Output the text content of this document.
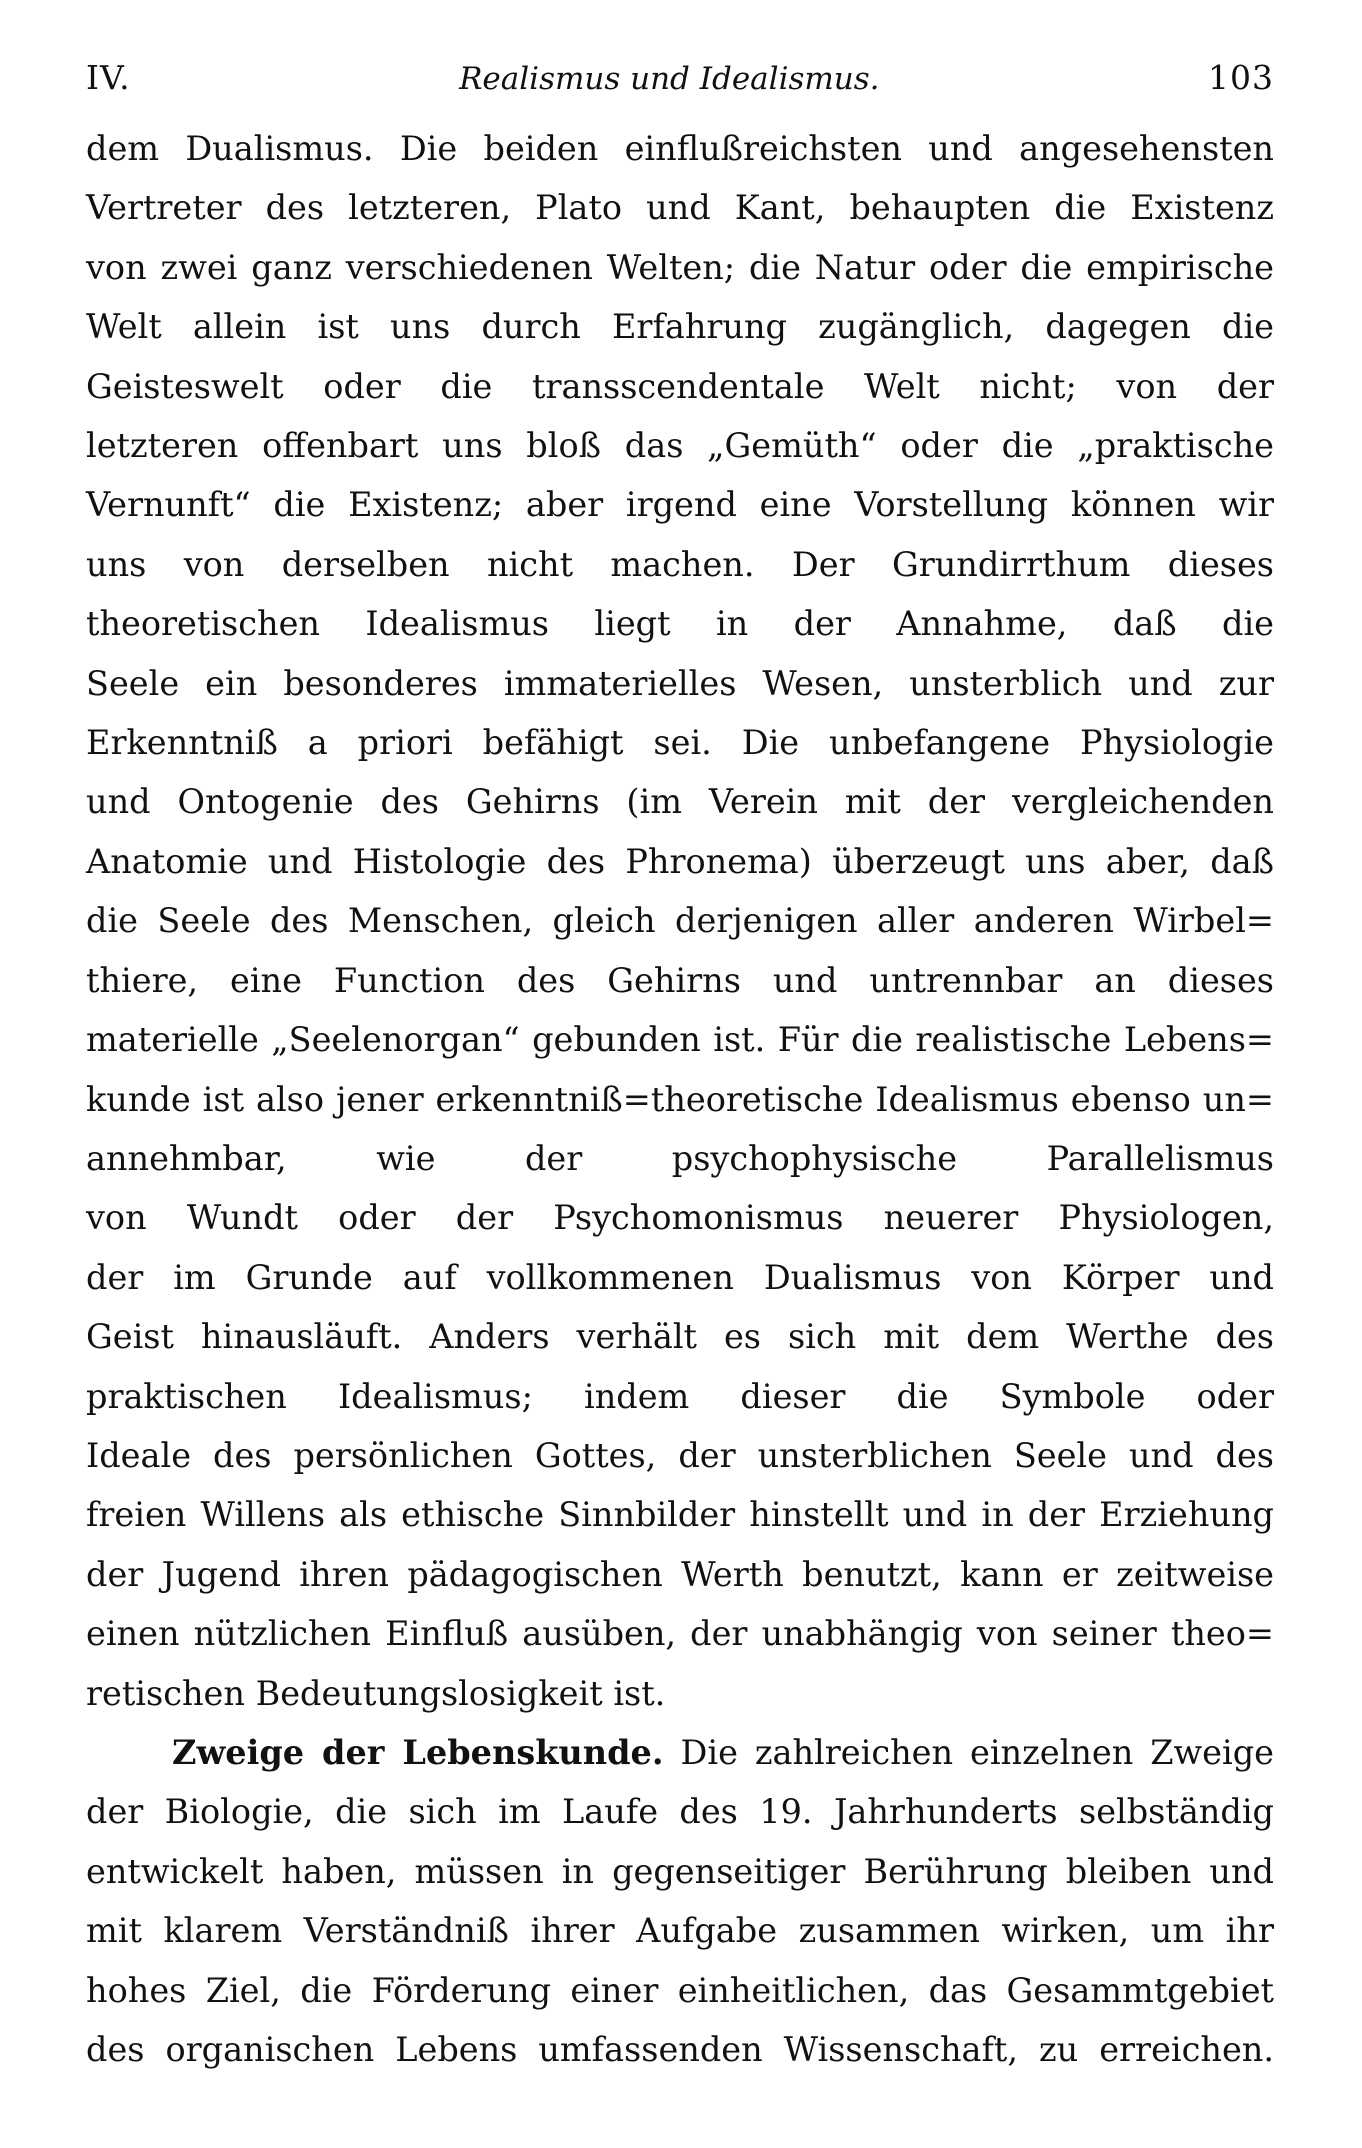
IV.	Realismus und Idealismus.	103

dem Dualismus. Die beiden einflußreichsten und angesehensten
Vertreter des letzteren, Plato und Kant, behaupten die Existenz
von zwei ganz verschiedenen Welten; die Natur oder die empirische
Welt allein ist uns durch Erfahrung zugänglich, dagegen die
Geisteswelt oder die transscendentale Welt nicht; von der
letzteren offenbart uns bloß das „Gemüth“ oder die „praktische
Vernunft“ die Existenz; aber irgend eine Vorstellung können wir
uns von derselben nicht machen. Der Grundirrthum dieses
theoretischen Idealismus liegt in der Annahme, daß die
Seele ein besonderes immaterielles Wesen, unsterblich und zur
Erkenntniß a priori befähigt sei. Die unbefangene Physiologie
und Ontogenie des Gehirns (im Verein mit der vergleichenden
Anatomie und Histologie des Phronema) überzeugt uns aber, daß
die Seele des Menschen, gleich derjenigen aller anderen Wirbel=
thiere, eine Function des Gehirns und untrennbar an dieses
materielle „Seelenorgan“ gebunden ist. Für die realistische Lebens=
kunde ist also jener erkenntniß=theoretische Idealismus ebenso un=
annehmbar, wie der psychophysische Parallelismus
von Wundt oder der Psychomonismus neuerer Physiologen,
der im Grunde auf vollkommenen Dualismus von Körper und
Geist hinausläuft. Anders verhält es sich mit dem Werthe des
praktischen Idealismus; indem dieser die Symbole oder
Ideale des persönlichen Gottes, der unsterblichen Seele und des
freien Willens als ethische Sinnbilder hinstellt und in der Erziehung
der Jugend ihren pädagogischen Werth benutzt, kann er zeitweise
einen nützlichen Einfluß ausüben, der unabhängig von seiner theo=
retischen Bedeutungslosigkeit ist.

Zweige der Lebenskunde. Die zahlreichen einzelnen Zweige
der Biologie, die sich im Laufe des 19. Jahrhunderts selbständig
entwickelt haben, müssen in gegenseitiger Berührung bleiben und
mit klarem Verständniß ihrer Aufgabe zusammen wirken, um ihr
hohes Ziel, die Förderung einer einheitlichen, das Gesammtgebiet
des organischen Lebens umfassenden Wissenschaft, zu erreichen.
